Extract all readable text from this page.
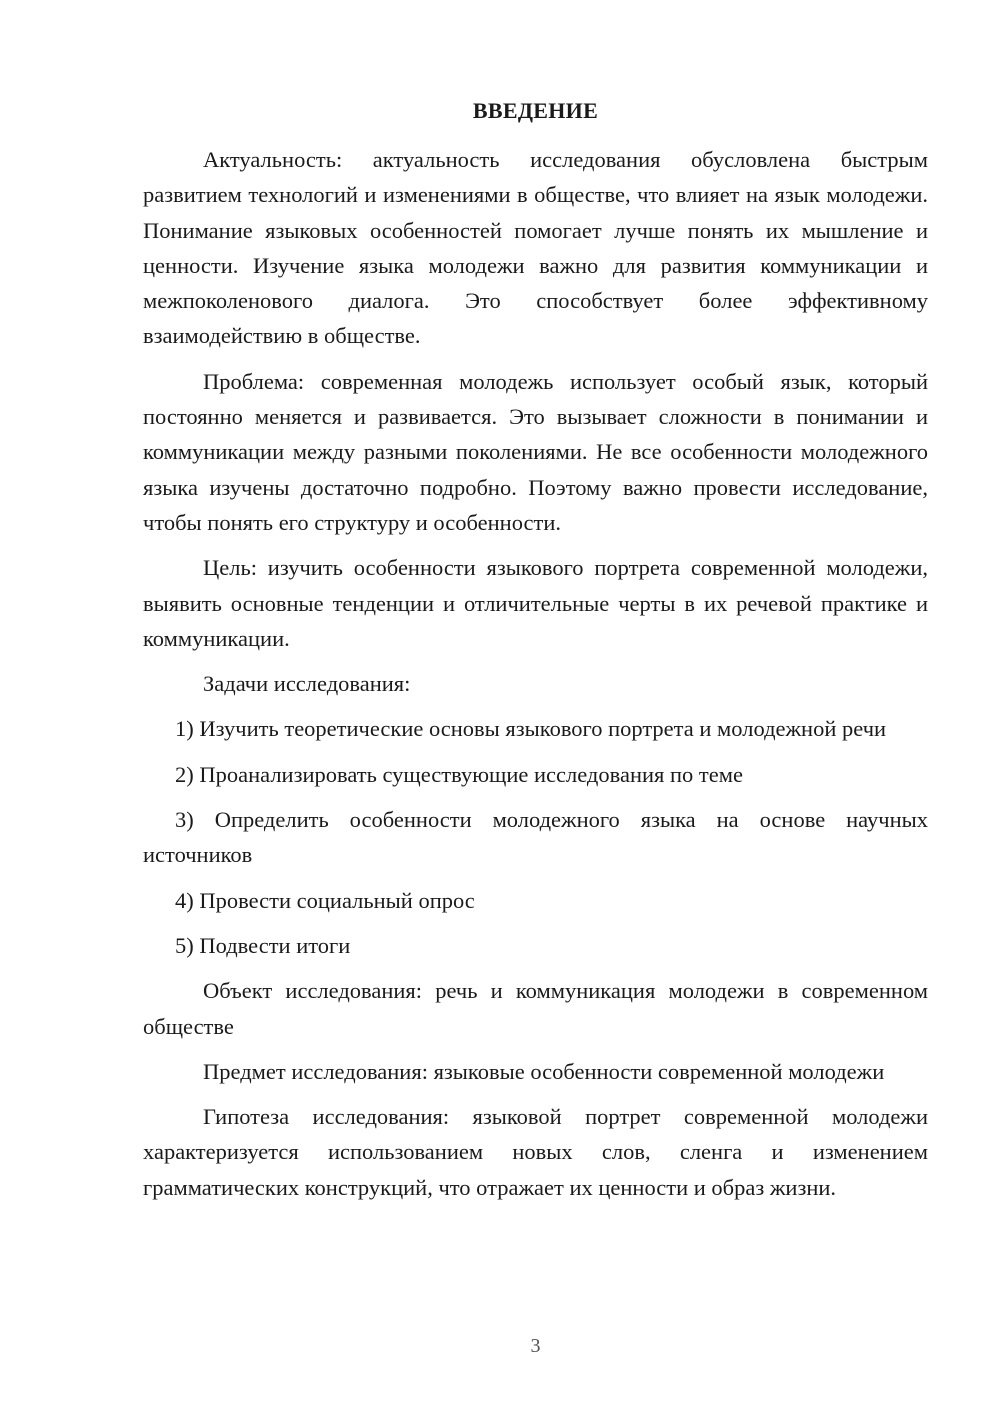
ВВЕДЕНИЕ

Актуальность: актуальность исследования обусловлена быстрым развитием технологий и изменениями в обществе, что влияет на язык молодежи. Понимание языковых особенностей помогает лучше понять их мышление и ценности. Изучение языка молодежи важно для развития коммуникации и межпоколенового диалога. Это способствует более эффективному взаимодействию в обществе.

Проблема: современная молодежь использует особый язык, который постоянно меняется и развивается. Это вызывает сложности в понимании и коммуникации между разными поколениями. Не все особенности молодежного языка изучены достаточно подробно. Поэтому важно провести исследование, чтобы понять его структуру и особенности.

Цель: изучить особенности языкового портрета современной молодежи, выявить основные тенденции и отличительные черты в их речевой практике и коммуникации.

Задачи исследования:

1) Изучить теоретические основы языкового портрета и молодежной речи
2) Проанализировать существующие исследования по теме
3) Определить особенности молодежного языка на основе научных источников
4) Провести социальный опрос
5) Подвести итоги

Объект исследования: речь и коммуникация молодежи в современном обществе

Предмет исследования: языковые особенности современной молодежи

Гипотеза исследования: языковой портрет современной молодежи характеризуется использованием новых слов, сленга и изменением грамматических конструкций, что отражает их ценности и образ жизни.

3
